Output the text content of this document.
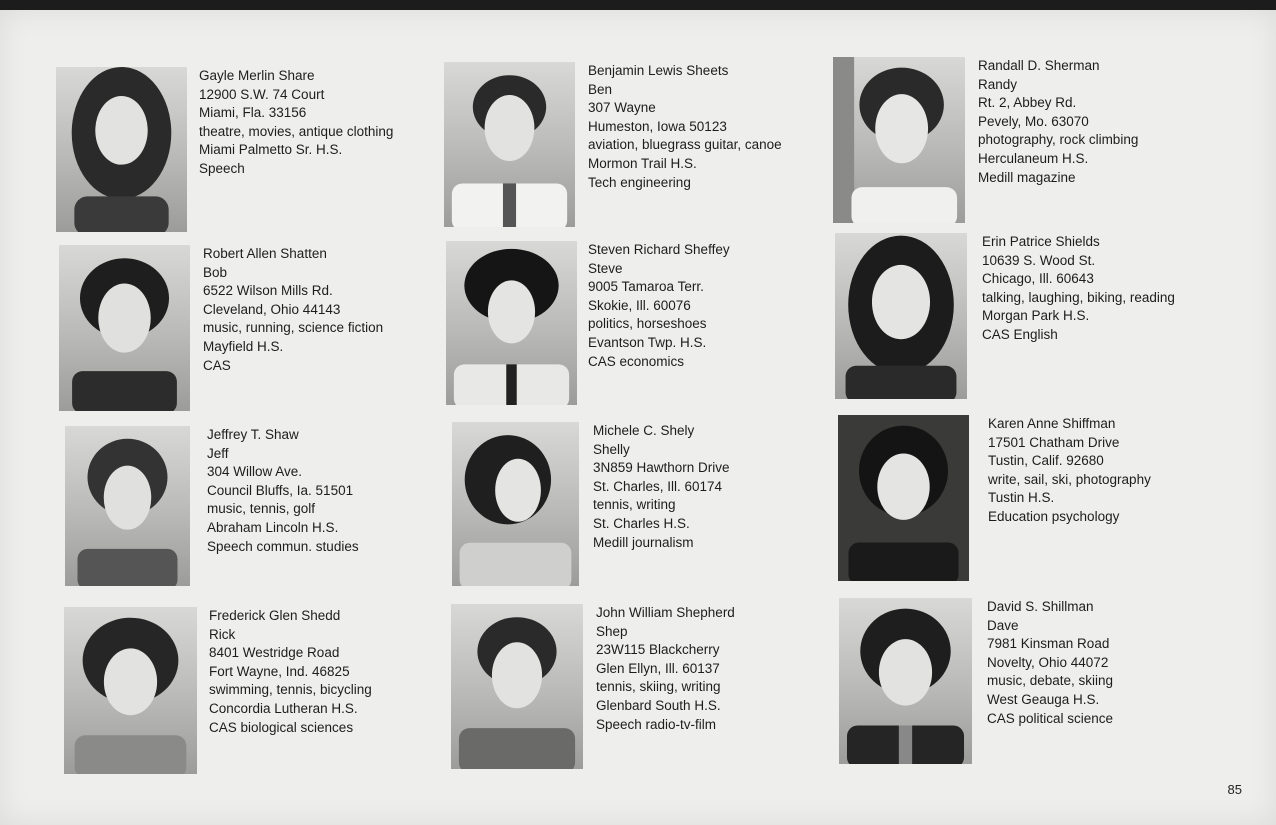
Gayle Merlin Share
12900 S.W. 74 Court
Miami, Fla. 33156
theatre, movies, antique clothing
Miami Palmetto Sr. H.S.
Speech
Robert Allen Shatten
Bob
6522 Wilson Mills Rd.
Cleveland, Ohio 44143
music, running, science fiction
Mayfield H.S.
CAS
Jeffrey T. Shaw
Jeff
304 Willow Ave.
Council Bluffs, Ia. 51501
music, tennis, golf
Abraham Lincoln H.S.
Speech commun. studies
Frederick Glen Shedd
Rick
8401 Westridge Road
Fort Wayne, Ind. 46825
swimming, tennis, bicycling
Concordia Lutheran H.S.
CAS biological sciences
Benjamin Lewis Sheets
Ben
307 Wayne
Humeston, Iowa 50123
aviation, bluegrass guitar, canoe
Mormon Trail H.S.
Tech engineering
Steven Richard Sheffey
Steve
9005 Tamaroa Terr.
Skokie, Ill. 60076
politics, horseshoes
Evantson Twp. H.S.
CAS economics
Michele C. Shely
Shelly
3N859 Hawthorn Drive
St. Charles, Ill. 60174
tennis, writing
St. Charles H.S.
Medill journalism
John William Shepherd
Shep
23W115 Blackcherry
Glen Ellyn, Ill. 60137
tennis, skiing, writing
Glenbard South H.S.
Speech radio-tv-film
Randall D. Sherman
Randy
Rt. 2, Abbey Rd.
Pevely, Mo. 63070
photography, rock climbing
Herculaneum H.S.
Medill magazine
Erin Patrice Shields
10639 S. Wood St.
Chicago, Ill. 60643
talking, laughing, biking, reading
Morgan Park H.S.
CAS English
Karen Anne Shiffman
17501 Chatham Drive
Tustin, Calif. 92680
write, sail, ski, photography
Tustin H.S.
Education psychology
David S. Shillman
Dave
7981 Kinsman Road
Novelty, Ohio 44072
music, debate, skiing
West Geauga H.S.
CAS political science
85
